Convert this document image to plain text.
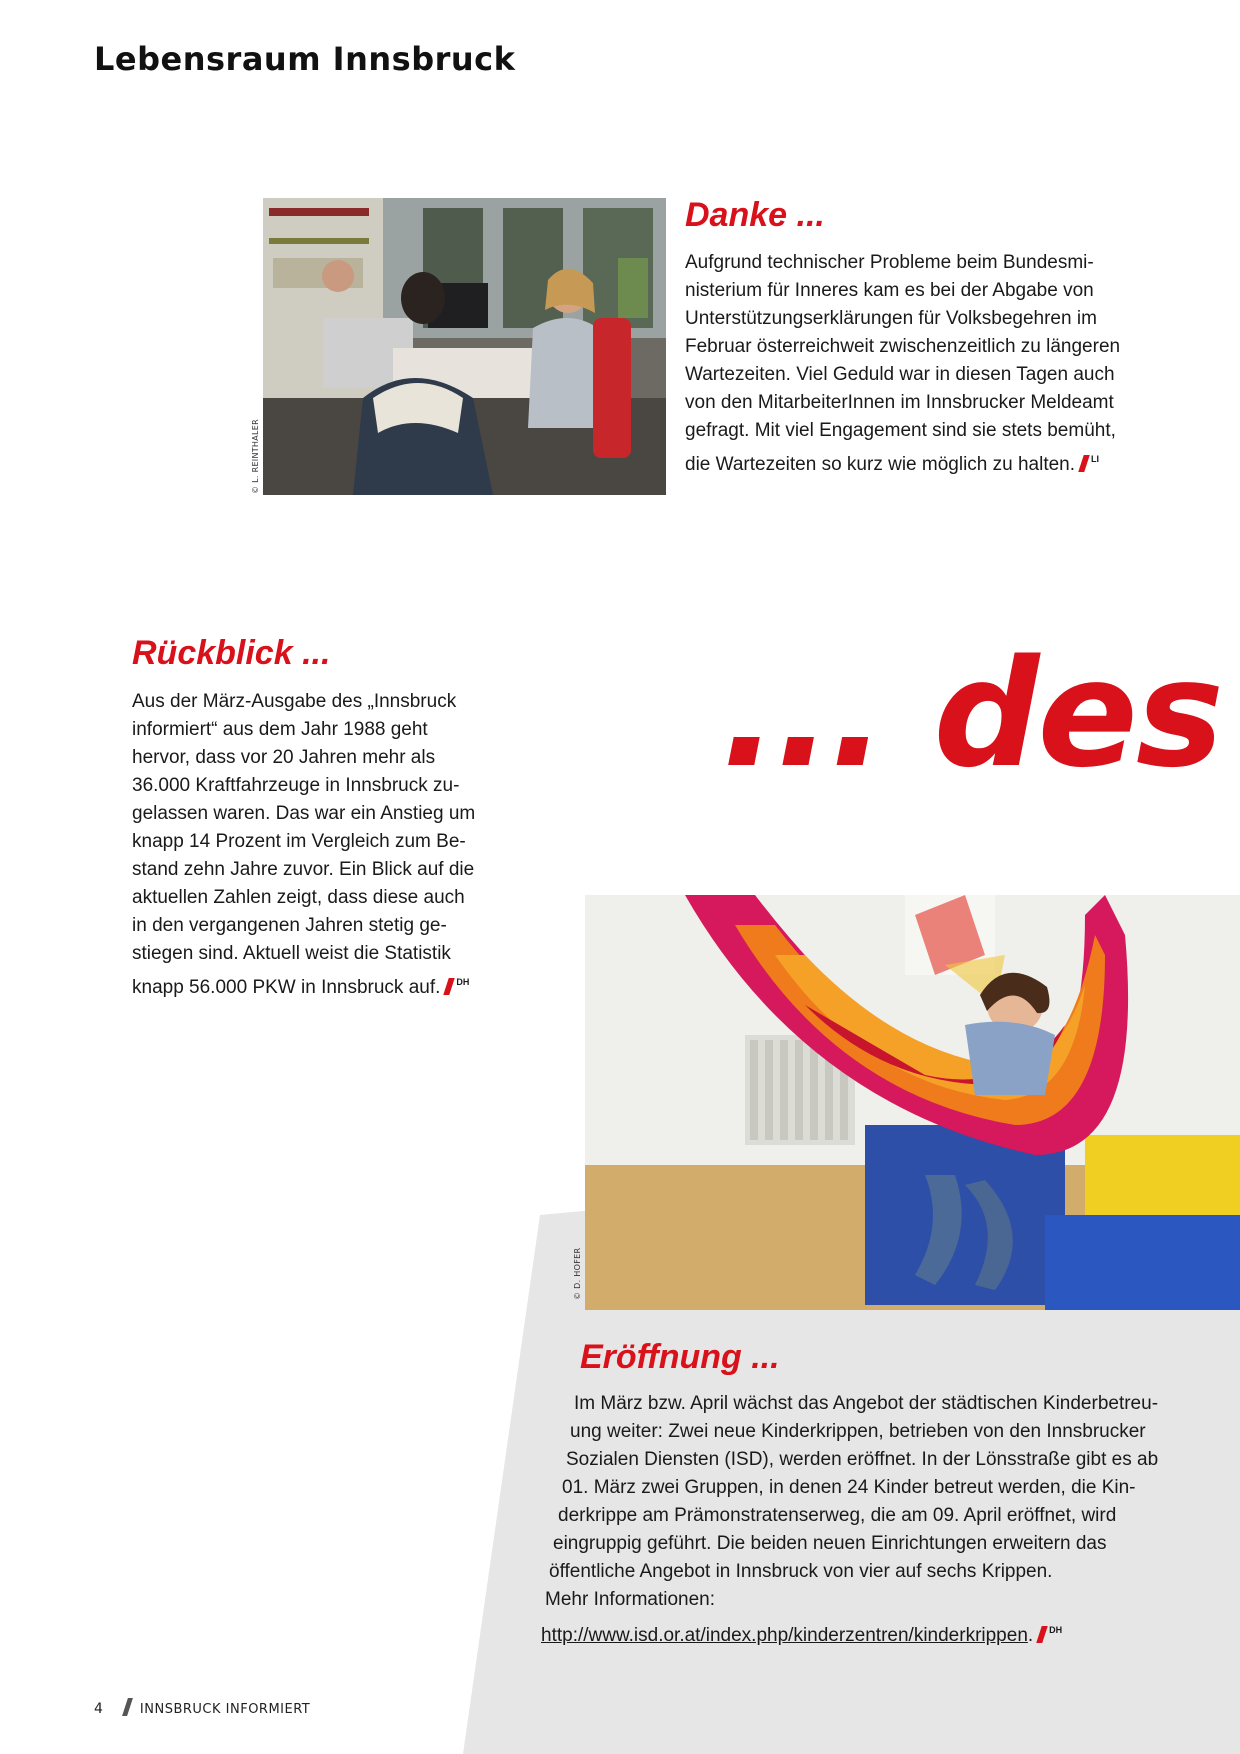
Lebensraum Innsbruck
© L. REINTHALER
Danke ...

Aufgrund technischer Probleme beim Bundesmi-

nisterium für Inneres kam es bei der Abgabe von

Unterstützungserklärungen für Volksbegehren im

Februar österreichweit zwischenzeitlich zu längeren

Wartezeiten. Viel Geduld war in diesen Tagen auch

von den MitarbeiterInnen im Innsbrucker Meldeamt

gefragt. Mit viel Engagement sind sie stets bemüht,

die Wartezeiten so kurz wie möglich zu halten. $^{LI}$

Rückblick ...

Aus der März-Ausgabe des „Innsbruck

informiert“ aus dem Jahr 1988 geht

hervor, dass vor 20 Jahren mehr als

36.000 Kraftfahrzeuge in Innsbruck zu-

gelassen waren. Das war ein Anstieg um

knapp 14 Prozent im Vergleich zum Be-

stand zehn Jahre zuvor. Ein Blick auf die

aktuellen Zahlen zeigt, dass diese auch

in den vergangenen Jahren stetig ge-

stiegen sind. Aktuell weist die Statistik

knapp 56.000 PKW in Innsbruck auf. $^{DH}$

... des
© D. HOFER
Eröffnung ...
Im März bzw. April wächst das Angebot der städtischen Kinderbetreu-
ung weiter: Zwei neue Kinderkrippen, betrieben von den Innsbrucker
Sozialen Diensten (ISD), werden eröffnet. In der Lönsstraße gibt es ab
01. März zwei Gruppen, in denen 24 Kinder betreut werden, die Kin-
derkrippe am Prämonstratenserweg, die am 09. April eröffnet, wird
eingruppig geführt. Die beiden neuen Einrichtungen erweitern das
öffentliche Angebot in Innsbruck von vier auf sechs Krippen.
Mehr Informationen:
http://www.isd.or.at/index.php/kinderzentren/kinderkrippen. $^{DH}$
4	INNSBRUCK INFORMIERT
